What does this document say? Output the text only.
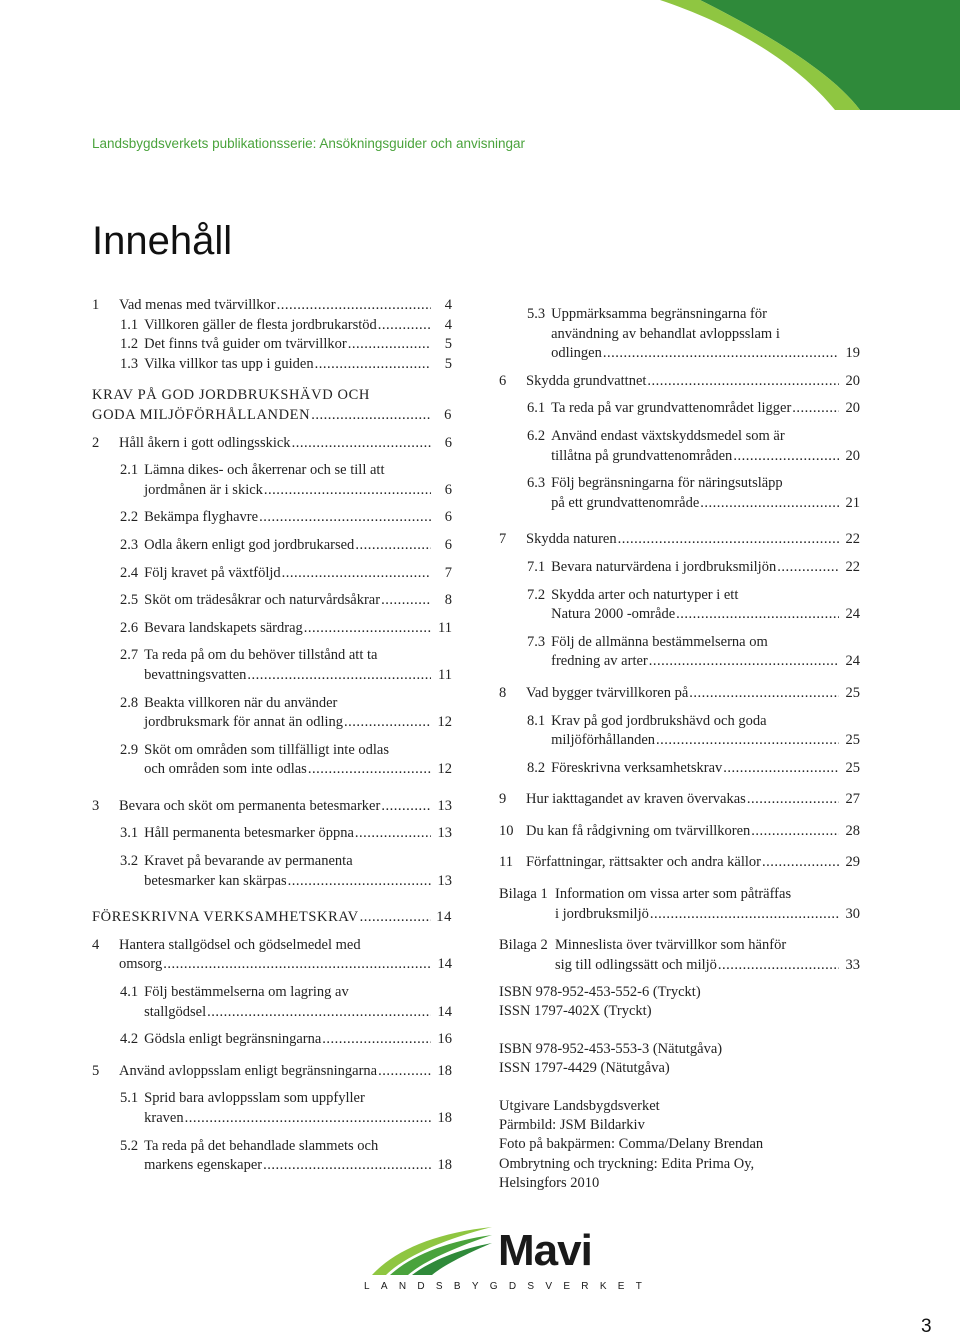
Landsbygdsverkets publikationsserie: Ansökningsguider och anvisningar
Innehåll
1	Vad menas med tvärvillkor .....	4
1.1 Villkoren gäller de flesta jordbrukarstöd .....	4
1.2 Det finns två guider om tvärvillkor .....	5
1.3 Vilka villkor tas upp i guiden .....	5
KRAV PÅ GOD JORDBRUKSHÄVD OCH
GODA MILJÖFÖRHÅLLANDEN .....	6
2	Håll åkern i gott odlingsskick .....	6
2.1 Lämna dikes- och åkerrenar och se till att
jordmånen är i skick .....	6
2.2 Bekämpa flyghavre .....	6
2.3 Odla åkern enligt god jordbrukarsed .....	6
2.4 Följ kravet på växtföljd .....	7
2.5 Sköt om trädesåkrar och naturvårdsåkrar .....	8
2.6 Bevara landskapets särdrag .....	11
2.7 Ta reda på om du behöver tillstånd att ta
bevattningsvatten .....	11
2.8 Beakta villkoren när du använder
jordbruksmark för annat än odling .....	12
2.9 Sköt om områden som tillfälligt inte odlas
och områden som inte odlas .....	12
3	Bevara och sköt om permanenta betesmarker .....	13
3.1 Håll permanenta betesmarker öppna .....	13
3.2 Kravet på bevarande av permanenta
betesmarker kan skärpas .....	13
FÖRESKRIVNA VERKSAMHETSKRAV .....	14
4	Hantera stallgödsel och gödselmedel med
omsorg .....	14
4.1 Följ bestämmelserna om lagring av
stallgödsel .....	14
4.2 Gödsla enligt begränsningarna .....	16
5	Använd avloppsslam enligt begränsningarna .....	18
5.1 Sprid bara avloppsslam som uppfyller
kraven .....	18
5.2 Ta reda på det behandlade slammets och
markens egenskaper .....	18
5.3 Uppmärksamma begränsningarna för
användning av behandlat avloppsslam i
odlingen .....	19
6	Skydda grundvattnet .....	20
6.1 Ta reda på var grundvattenområdet ligger .....	20
6.2 Använd endast växtskyddsmedel som är
tillåtna på grundvattenområden .....	20
6.3 Följ begränsningarna för näringsutsläpp
på ett grundvattenområde .....	21
7	Skydda naturen .....	22
7.1 Bevara naturvärdena i jordbruksmiljön .....	22
7.2 Skydda arter och naturtyper i ett
Natura 2000 -område .....	24
7.3 Följ de allmänna bestämmelserna om
fredning av arter .....	24
8	Vad bygger tvärvillkoren på .....	25
8.1 Krav på god jordbrukshävd och goda
miljöförhållanden .....	25
8.2 Föreskrivna verksamhetskrav .....	25
9	Hur iakttagandet av kraven övervakas .....	27
10 Du kan få rådgivning om tvärvillkoren .....	28
11 Författningar, rättsakter och andra källor .....	29
Bilaga 1 Information om vissa arter som påträffas
i jordbruksmiljö .....	30
Bilaga 2 Minneslista över tvärvillkor som hänför
sig till odlingssätt och miljö .....	33
ISBN 978-952-453-552-6 (Tryckt)
ISSN 1797-402X (Tryckt)
ISBN 978-952-453-553-3 (Nätutgåva)
ISSN 1797-4429 (Nätutgåva)
Utgivare Landsbygdsverket
Pärmbild: JSM Bildarkiv
Foto på bakpärmen: Comma/Delany Brendan
Ombrytning och tryckning: Edita Prima Oy,
Helsingfors 2010
Mavi
LANDSBYGDSVERKET
3
